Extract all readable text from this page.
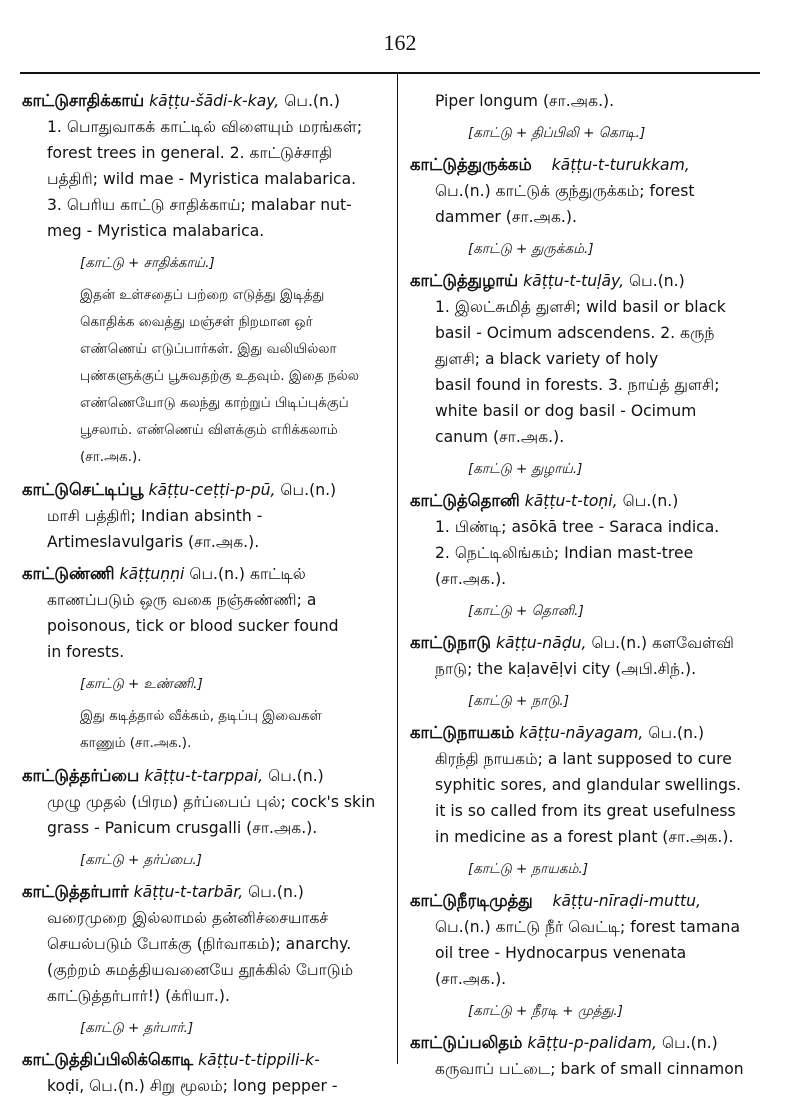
162
காட்டுசாதிக்காய் kāṭṭu-šādi-k-kay, பெ.(n.)
1. பொதுவாகக் காட்டில் விளையும் மரங்கள்;
forest trees in general. 2. காட்டுச்சாதி
பத்திரி; wild mae - Myristica malabarica.
3. பெரிய காட்டு சாதிக்காய்; malabar nut-
meg - Myristica malabarica.
[காட்டு + சாதிக்காய்.]
இதன் உள்சதைப் பற்றை எடுத்து இடித்து
கொதிக்க வைத்து மஞ்சள் நிறமான ஒர்
எண்ணெய் எடுப்பார்கள். இது வலியில்லா
புண்களுக்குப் பூசுவதற்கு உதவும். இதை நல்ல
எண்ணெயோடு கலந்து காற்றுப் பிடிப்புக்குப்
பூசலாம். எண்ணெய் விளக்கும் எரிக்கலாம்
(சா.அக.).
காட்டுசெட்டிப்பூ kāṭṭu-ceṭṭi-p-pū, பெ.(n.)
மாசி பத்திரி; Indian absinth -
Artimeslavulgaris (சா.அக.).
காட்டுண்ணி kāṭṭuṇṇi பெ.(n.) காட்டில்
காணப்படும் ஒரு வகை நஞ்சுண்ணி; a
poisonous, tick or blood sucker found
in forests.
[காட்டு + உண்ணி.]
இது கடித்தால் வீக்கம், தடிப்பு இவைகள்
காணும் (சா.அக.).
காட்டுத்தர்ப்பை kāṭṭu-t-tarppai, பெ.(n.)
முழு முதல் (பிரம) தர்ப்பைப் புல்; cock's skin
grass - Panicum crusgalli (சா.அக.).
[காட்டு + தர்ப்பை.]
காட்டுத்தர்பார் kāṭṭu-t-tarbār, பெ.(n.)
வரைமுறை இல்லாமல் தன்னிச்சையாகச்
செயல்படும் போக்கு (நிர்வாகம்); anarchy.
(குற்றம் சுமத்தியவனையே தூக்கில் போடும்
காட்டுத்தர்பார்!) (க்ரியா.).
[காட்டு + தர்பார்.]
காட்டுத்திப்பிலிக்கொடி kāṭṭu-t-tippili-k-
koḍi, பெ.(n.) சிறு மூலம்; long pepper -
Piper longum (சா.அக.).
[காட்டு + திப்பிலி + கொடி.]
காட்டுத்துருக்கம் kāṭṭu-t-turukkam,
பெ.(n.) காட்டுக் குந்துருக்கம்; forest
dammer (சா.அக.).
[காட்டு + துருக்கம்.]
காட்டுத்துழாய் kāṭṭu-t-tuḷāy, பெ.(n.)
1. இலட்சுமித் துளசி; wild basil or black
basil - Ocimum adscendens. 2. கருந்
துளசி; a black variety of holy
basil found in forests. 3. நாய்த் துளசி;
white basil or dog basil - Ocimum
canum (சா.அக.).
[காட்டு + துழாய்.]
காட்டுத்தொனி kāṭṭu-t-toṇi, பெ.(n.)
1. பிண்டி; asōkā tree - Saraca indica.
2. நெட்டிலிங்கம்; Indian mast-tree
(சா.அக.).
[காட்டு + தொனி.]
காட்டுநாடு kāṭṭu-nāḍu, பெ.(n.) களவேள்வி
நாடு; the kaḷavēḷvi city (அபி.சிந்.).
[காட்டு + நாடு.]
காட்டுநாயகம் kāṭṭu-nāyagam, பெ.(n.)
கிரந்தி நாயகம்; a lant supposed to cure
syphitic sores, and glandular swellings.
it is so called from its great usefulness
in medicine as a forest plant (சா.அக.).
[காட்டு + நாயகம்.]
காட்டுநீரடிமுத்து kāṭṭu-nīraḍi-muttu,
பெ.(n.) காட்டு நீர் வெட்டி; forest tamana
oil tree - Hydnocarpus venenata
(சா.அக.).
[காட்டு + நீரடி + முத்து.]
காட்டுப்பலிதம் kāṭṭu-p-palidam, பெ.(n.)
கருவாப் பட்டை; bark of small cinnamon
